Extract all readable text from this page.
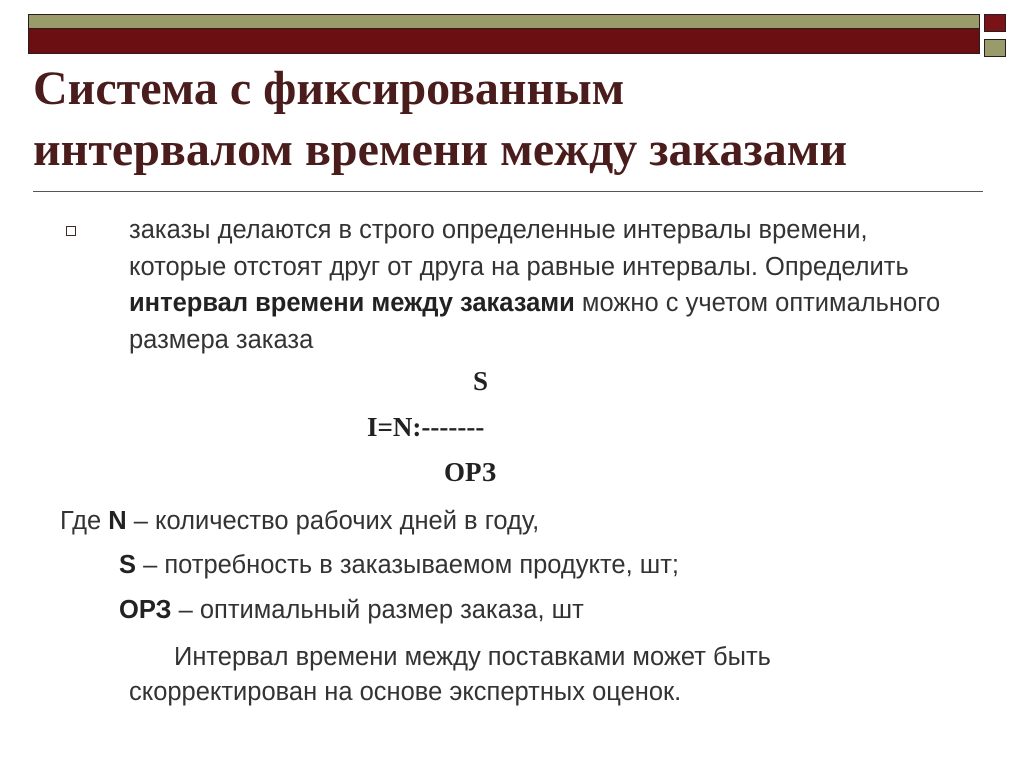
Система с фиксированным
интервалом времени между заказами

заказы делаются в строго определенные интервалы времени, которые отстоят друг от друга на равные интервалы. Определить интервал времени между заказами можно с учетом оптимального размера заказа

S
I=N:-------
ОРЗ
Где N – количество рабочих дней в году,
S – потребность в заказываемом продукте, шт;
ОРЗ – оптимальный размер заказа, шт

Интервал времени между поставками может быть скорректирован на основе экспертных оценок.
